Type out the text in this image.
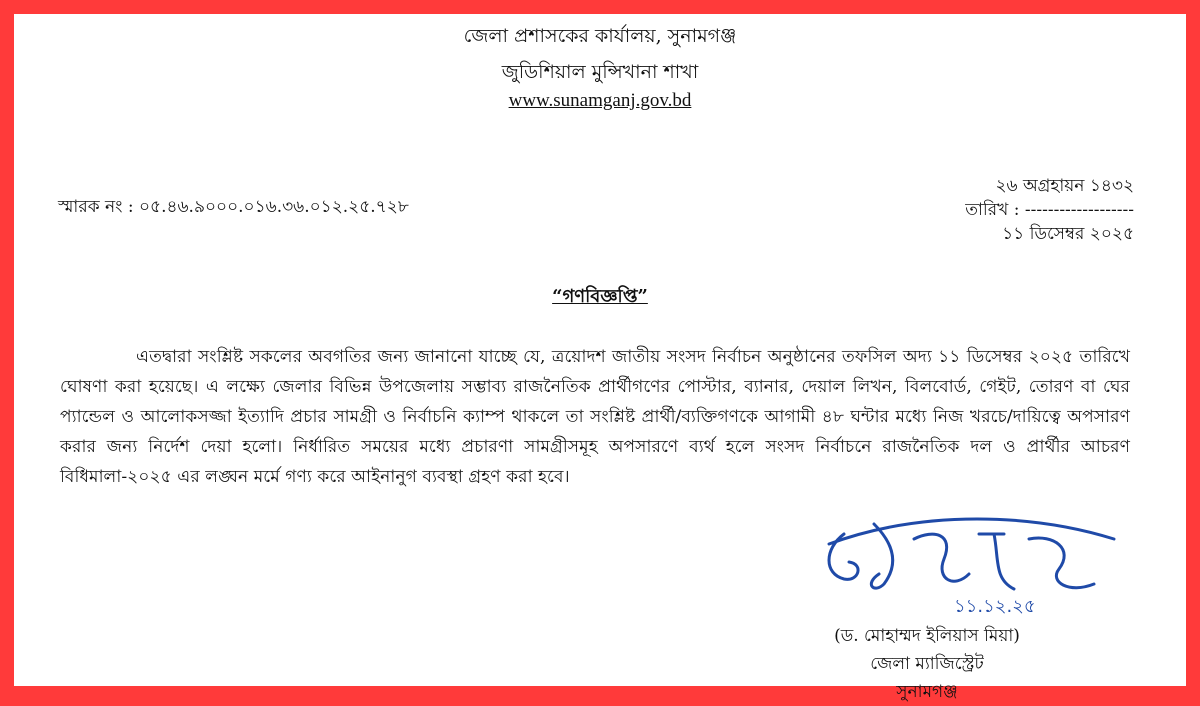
জেলা প্রশাসকের কার্যালয়, সুনামগঞ্জ
জুডিশিয়াল মুন্সিখানা শাখা
www.sunamganj.gov.bd
স্মারক নং : ০৫.৪৬.৯০০০.০১৬.৩৬.০১২.২৫.৭২৮
২৬ অগ্রহায়ন ১৪৩২
তারিখ : -------------------
১১ ডিসেম্বর ২০২৫
“গণবিজ্ঞপ্তি”
এতদ্বারা সংশ্লিষ্ট সকলের অবগতির জন্য জানানো যাচ্ছে যে, ত্রয়োদশ জাতীয় সংসদ নির্বাচন অনুষ্ঠানের তফসিল অদ্য ১১ ডিসেম্বর ২০২৫ তারিখে ঘোষণা করা হয়েছে। এ লক্ষ্যে জেলার বিভিন্ন উপজেলায় সম্ভাব্য রাজনৈতিক প্রার্থীগণের পোস্টার, ব্যানার, দেয়াল লিখন, বিলবোর্ড, গেইট, তোরণ বা ঘের প্যান্ডেল ও আলোকসজ্জা ইত্যাদি প্রচার সামগ্রী ও নির্বাচনি ক্যাম্প থাকলে তা সংশ্লিষ্ট প্রার্থী/ব্যক্তিগণকে আগামী ৪৮ ঘন্টার মধ্যে নিজ খরচে/দায়িত্বে অপসারণ করার জন্য নির্দেশ দেয়া হলো। নির্ধারিত সময়ের মধ্যে প্রচারণা সামগ্রীসমূহ অপসারণে ব্যর্থ হলে সংসদ নির্বাচনে রাজনৈতিক দল ও প্রার্থীর আচরণ বিধিমালা-২০২৫ এর লঙ্ঘন মর্মে গণ্য করে আইনানুগ ব্যবস্থা গ্রহণ করা হবে।
১১.১২.২৫
(ড. মোহাম্মদ ইলিয়াস মিয়া)
জেলা ম্যাজিস্ট্রেট
সুনামগঞ্জ
